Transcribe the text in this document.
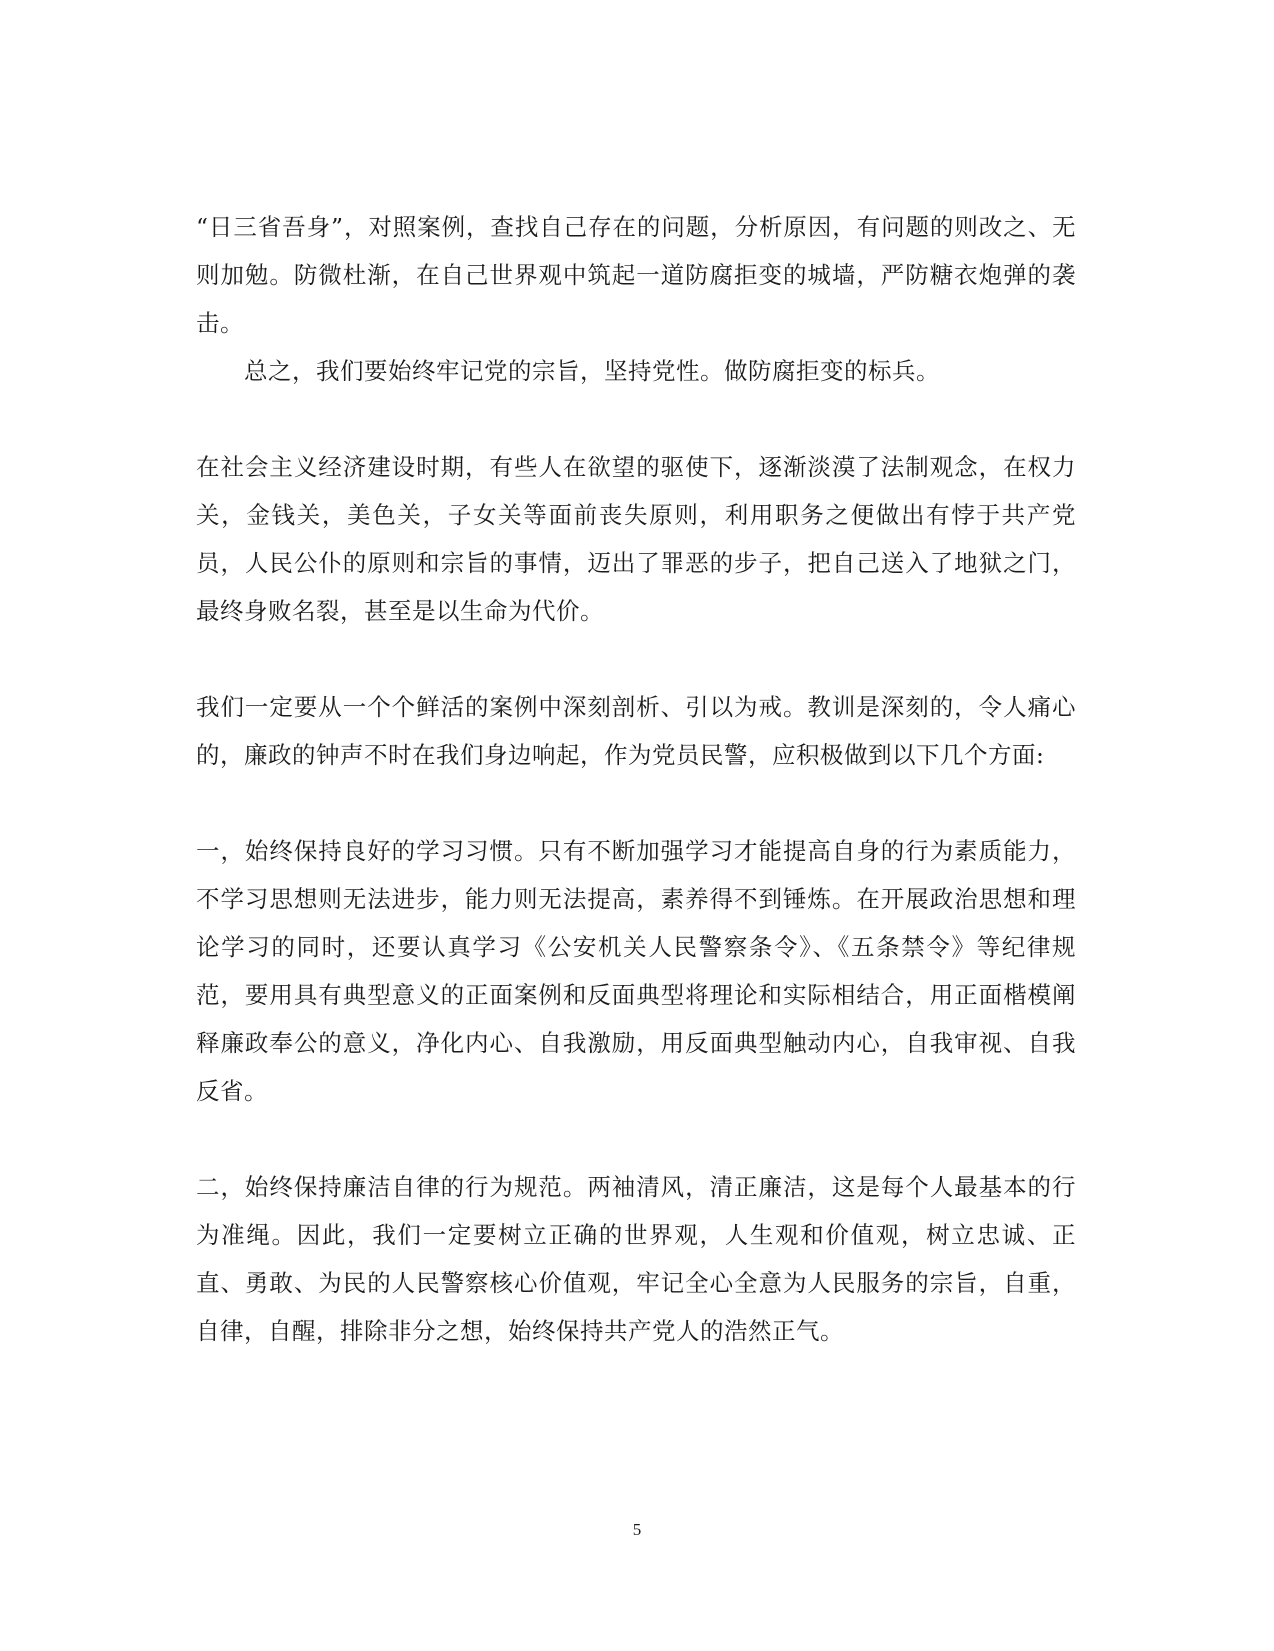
“日三省吾身”，对照案例，查找自己存在的问题，分析原因，有问题的则改之、无则加勉。防微杜渐，在自己世界观中筑起一道防腐拒变的城墙，严防糖衣炮弹的袭击。

总之，我们要始终牢记党的宗旨，坚持党性。做防腐拒变的标兵。

在社会主义经济建设时期，有些人在欲望的驱使下，逐渐淡漠了法制观念，在权力关，金钱关，美色关，子女关等面前丧失原则，利用职务之便做出有悖于共产党员，人民公仆的原则和宗旨的事情，迈出了罪恶的步子，把自己送入了地狱之门，最终身败名裂，甚至是以生命为代价。

我们一定要从一个个鲜活的案例中深刻剖析、引以为戒。教训是深刻的，令人痛心的，廉政的钟声不时在我们身边响起，作为党员民警，应积极做到以下几个方面:

一，始终保持良好的学习习惯。只有不断加强学习才能提高自身的行为素质能力，不学习思想则无法进步，能力则无法提高，素养得不到锤炼。在开展政治思想和理论学习的同时，还要认真学习《公安机关人民警察条令》、《五条禁令》等纪律规范，要用具有典型意义的正面案例和反面典型将理论和实际相结合，用正面楷模阐释廉政奉公的意义，净化内心、自我激励，用反面典型触动内心，自我审视、自我反省。

二，始终保持廉洁自律的行为规范。两袖清风，清正廉洁，这是每个人最基本的行为准绳。因此，我们一定要树立正确的世界观，人生观和价值观，树立忠诚、正直、勇敢、为民的人民警察核心价值观，牢记全心全意为人民服务的宗旨，自重，自律，自醒，排除非分之想，始终保持共产党人的浩然正气。

5
